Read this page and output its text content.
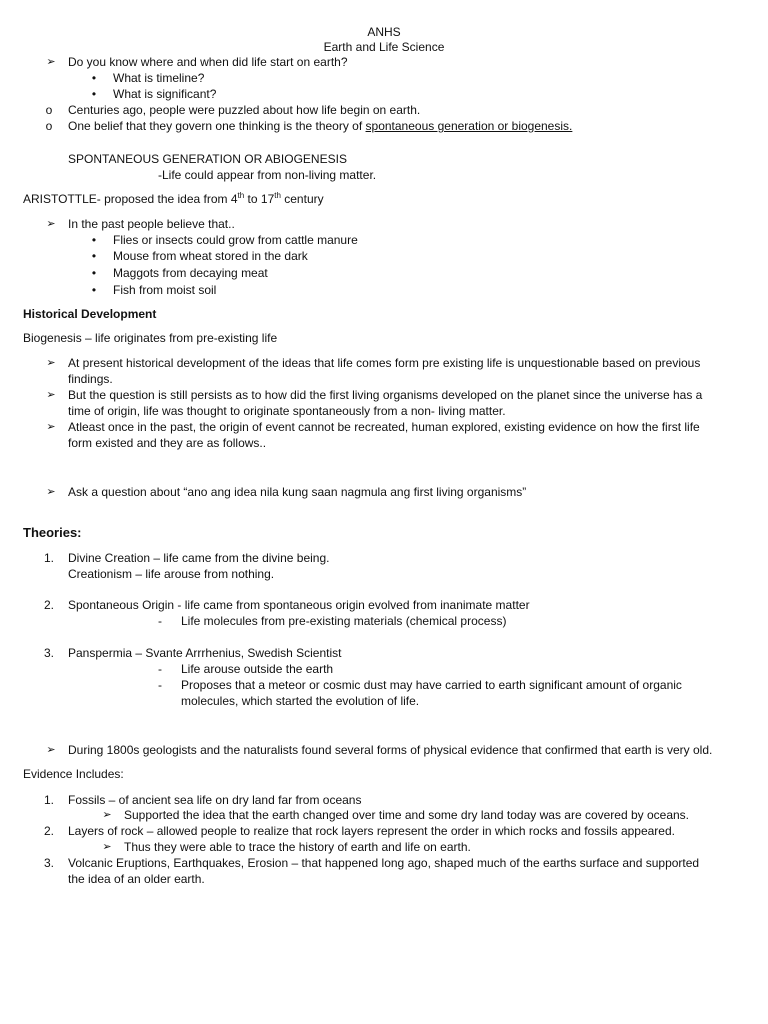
ANHS
Earth and Life Science
➢ Do you know where and when did life start on earth?
• What is timeline?
• What is significant?
o Centuries ago, people were puzzled about how life begin on earth.
o One belief that they govern one thinking is the theory of spontaneous generation or biogenesis.
SPONTANEOUS GENERATION OR ABIOGENESIS
-Life could appear from non-living matter.
ARISTOTTLE- proposed the idea from 4th to 17th century
➢ In the past people believe that..
• Flies or insects could grow from cattle manure
• Mouse from wheat stored in the dark
• Maggots from decaying meat
• Fish from moist soil
Historical Development
Biogenesis – life originates from pre-existing life
➢ At present historical development of the ideas that life comes form pre existing life is unquestionable based on previous
findings.
➢ But the question is still persists as to how did the first living organisms developed on the planet since the universe has a
time of origin, life was thought to originate spontaneously from a non- living matter.
➢ Atleast once in the past, the origin of event cannot be recreated, human explored, existing evidence on how the first life
form existed and they are as follows..
➢ Ask a question about “ano ang idea nila kung saan nagmula ang first living organisms”
Theories:
1. Divine Creation – life came from the divine being.
Creationism – life arouse from nothing.
2. Spontaneous Origin - life came from spontaneous origin evolved from inanimate matter
- Life molecules from pre-existing materials (chemical process)
3. Panspermia – Svante Arrrhenius, Swedish Scientist
- Life arouse outside the earth
- Proposes that a meteor or cosmic dust may have carried to earth significant amount of organic
molecules, which started the evolution of life.
➢ During 1800s geologists and the naturalists found several forms of physical evidence that confirmed that earth is very old.
Evidence Includes:
1. Fossils – of ancient sea life on dry land far from oceans
➢ Supported the idea that the earth changed over time and some dry land today was are covered by oceans.
2. Layers of rock – allowed people to realize that rock layers represent the order in which rocks and fossils appeared.
➢ Thus they were able to trace the history of earth and life on earth.
3. Volcanic Eruptions, Earthquakes, Erosion – that happened long ago, shaped much of the earths surface and supported
the idea of an older earth.
